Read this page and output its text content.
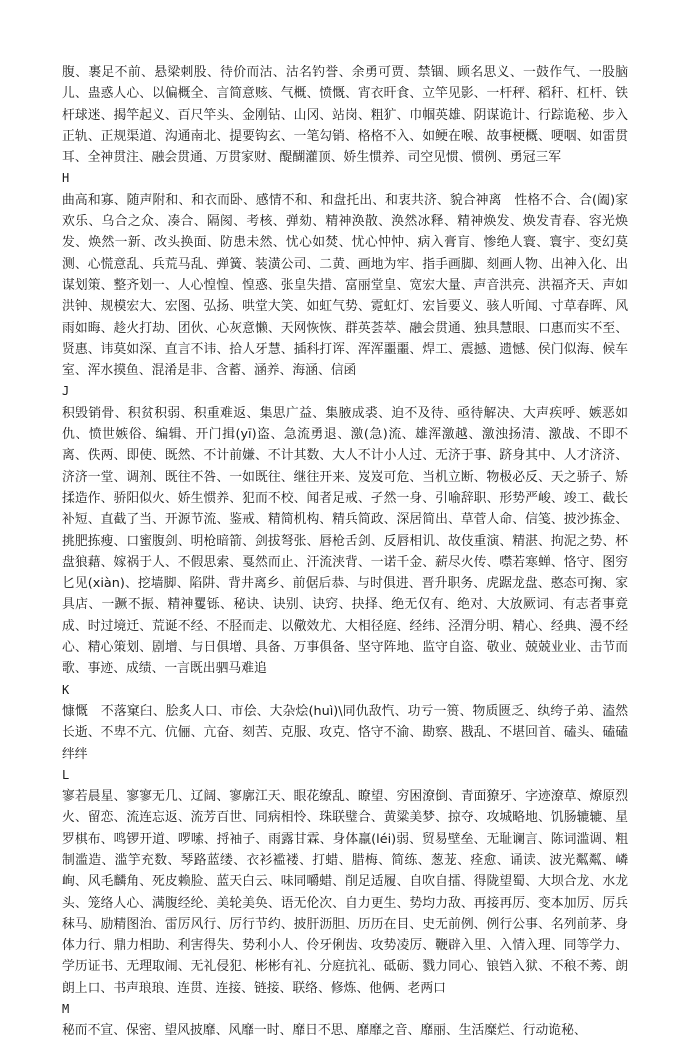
腹、裹足不前、悬梁刺股、待价而沽、沽名钓誉、余勇可贾、禁锢、顾名思义、一鼓作气、一股脑儿、蛊惑人心、以偏概全、言简意赅、气概、愤慨、宵衣旰食、立竿见影、一杆秤、稻秆、杠杆、铁杆球迷、揭竿起义、百尺竿头、金刚钻、山冈、站岗、粗犷、巾帼英雄、阴谋诡计、行踪诡秘、步入正轨、正规渠道、沟通南北、提要钩玄、一笔勾销、格格不入、如鲠在喉、故事梗概、哽咽、如雷贯耳、全神贯注、融会贯通、万贯家财、醍醐灌顶、娇生惯养、司空见惯、惯例、勇冠三军

H

曲高和寡、随声附和、和衣而卧、感情不和、和盘托出、和衷共济、貌合神离　性格不合、合(阖)家欢乐、乌合之众、凑合、隔阂、考核、弹劾、精神涣散、涣然冰释、精神焕发、焕发青春、容光焕发、焕然一新、改头换面、防患未然、忧心如焚、忧心忡忡、病入膏肓、惨绝人寰、寰宇、变幻莫测、心慌意乱、兵荒马乱、弹簧、装潢公司、二黄、画地为牢、指手画脚、刻画人物、出神入化、出谋划策、整齐划一、人心惶惶、惶惑、张皇失措、富丽堂皇、宽宏大量、声音洪亮、洪福齐天、声如洪钟、规模宏大、宏图、弘扬、哄堂大笑、如虹气势、霓虹灯、宏旨要义、骇人听闻、寸草春晖、风雨如晦、趁火打劫、团伙、心灰意懒、天网恢恢、群英荟萃、融会贯通、独具慧眼、口惠而实不至、贤惠、讳莫如深、直言不讳、拾人牙慧、插科打诨、浑浑噩噩、焊工、震撼、遗憾、侯门似海、候车室、浑水摸鱼、混淆是非、含蓄、涵养、海涵、信函

J

积毁销骨、积贫积弱、积重难返、集思广益、集腋成裘、迫不及待、亟待解决、大声疾呼、嫉恶如仇、愤世嫉俗、编辑、开门揖(yī)盗、急流勇退、激(急)流、雄浑激越、激浊扬清、激战、不即不离、佚两、即使、既然、不计前嫌、不计其数、大人不计小人过、无济于事、跻身其中、人才济济、济济一堂、调剂、既往不咎、一如既往、继往开来、岌岌可危、当机立断、物极必反、天之骄子、矫揉造作、骄阳似火、娇生惯养、犯而不校、闻者足戒、孑然一身、引喻辞职、形势严峻、竣工、截长补短、直截了当、开源节流、鉴戒、精简机构、精兵简政、深居简出、草菅人命、信笺、披沙拣金、挑肥拣瘦、口蜜腹剑、明枪暗箭、剑拔弩张、唇枪舌剑、反唇相讥、故伎重演、精湛、拘泥之势、杯盘狼藉、嫁祸于人、不假思索、戛然而止、汗流浃背、一诺千金、薪尽火传、噤若寒蝉、恪守、图穷匕见(xiàn)、挖墙脚、陷阱、背井离乡、前倨后恭、与时俱进、晋升职务、虎踞龙盘、憨态可掬、家具店、一蹶不振、精神矍铄、秘诀、诀别、诀窍、抉择、绝无仅有、绝对、大放厥词、有志者事竟成、时过境迁、荒诞不经、不胫而走、以儆效尤、大相径庭、经纬、泾渭分明、精心、经典、漫不经心、精心策划、剧增、与日俱增、具备、万事俱备、坚守阵地、监守自盗、敬业、兢兢业业、击节而歌、事迹、成绩、一言既出驷马难追

K

慷慨　不落窠臼、脍炙人口、市侩、大杂烩(huì)\同仇敌忾、功亏一篑、物质匮乏、纨绔子弟、溘然长逝、不卑不亢、伉俪、亢奋、刻苦、克服、攻克、恪守不渝、勘察、戡乱、不堪回首、磕头、磕磕绊绊

L

寥若晨星、寥寥无几、辽阔、寥廓江天、眼花缭乱、瞭望、穷困潦倒、青面獠牙、字迹潦草、燎原烈火、留恋、流连忘返、流芳百世、同病相怜、珠联璧合、黄粱美梦、掠夺、攻城略地、饥肠辘辘、星罗棋布、鸣锣开道、啰嗦、捋袖子、雨露甘霖、身体羸(léi)弱、贸易壁垒、无耻谰言、陈词滥调、粗制滥造、滥竽充数、琴路蓝缕、衣衫褴褛、打蜡、腊梅、简练、葱茏、痊愈、诵读、波光粼粼、嶙峋、风毛麟角、死皮赖脸、蓝天白云、味同嚼蜡、削足适履、自吹自擂、得陇望蜀、大坝合龙、水龙头、笼络人心、满腹经纶、美轮美奂、语无伦次、自力更生、势均力敌、再接再厉、变本加厉、厉兵秣马、励精图治、雷厉风行、厉行节约、披肝沥胆、历历在目、史无前例、例行公事、名列前茅、身体力行、鼎力相助、利害得失、势利小人、伶牙俐齿、攻势凌厉、鞭辟入里、入情入理、同等学力、学历证书、无理取闹、无礼侵犯、彬彬有礼、分庭抗礼、砥砺、戮力同心、锒铛入狱、不稂不莠、朗朗上口、书声琅琅、连贯、连接、链接、联络、修炼、他俩、老两口

M

秘而不宣、保密、望风披靡、风靡一时、靡日不思、靡靡之音、靡丽、生活糜烂、行动诡秘、
